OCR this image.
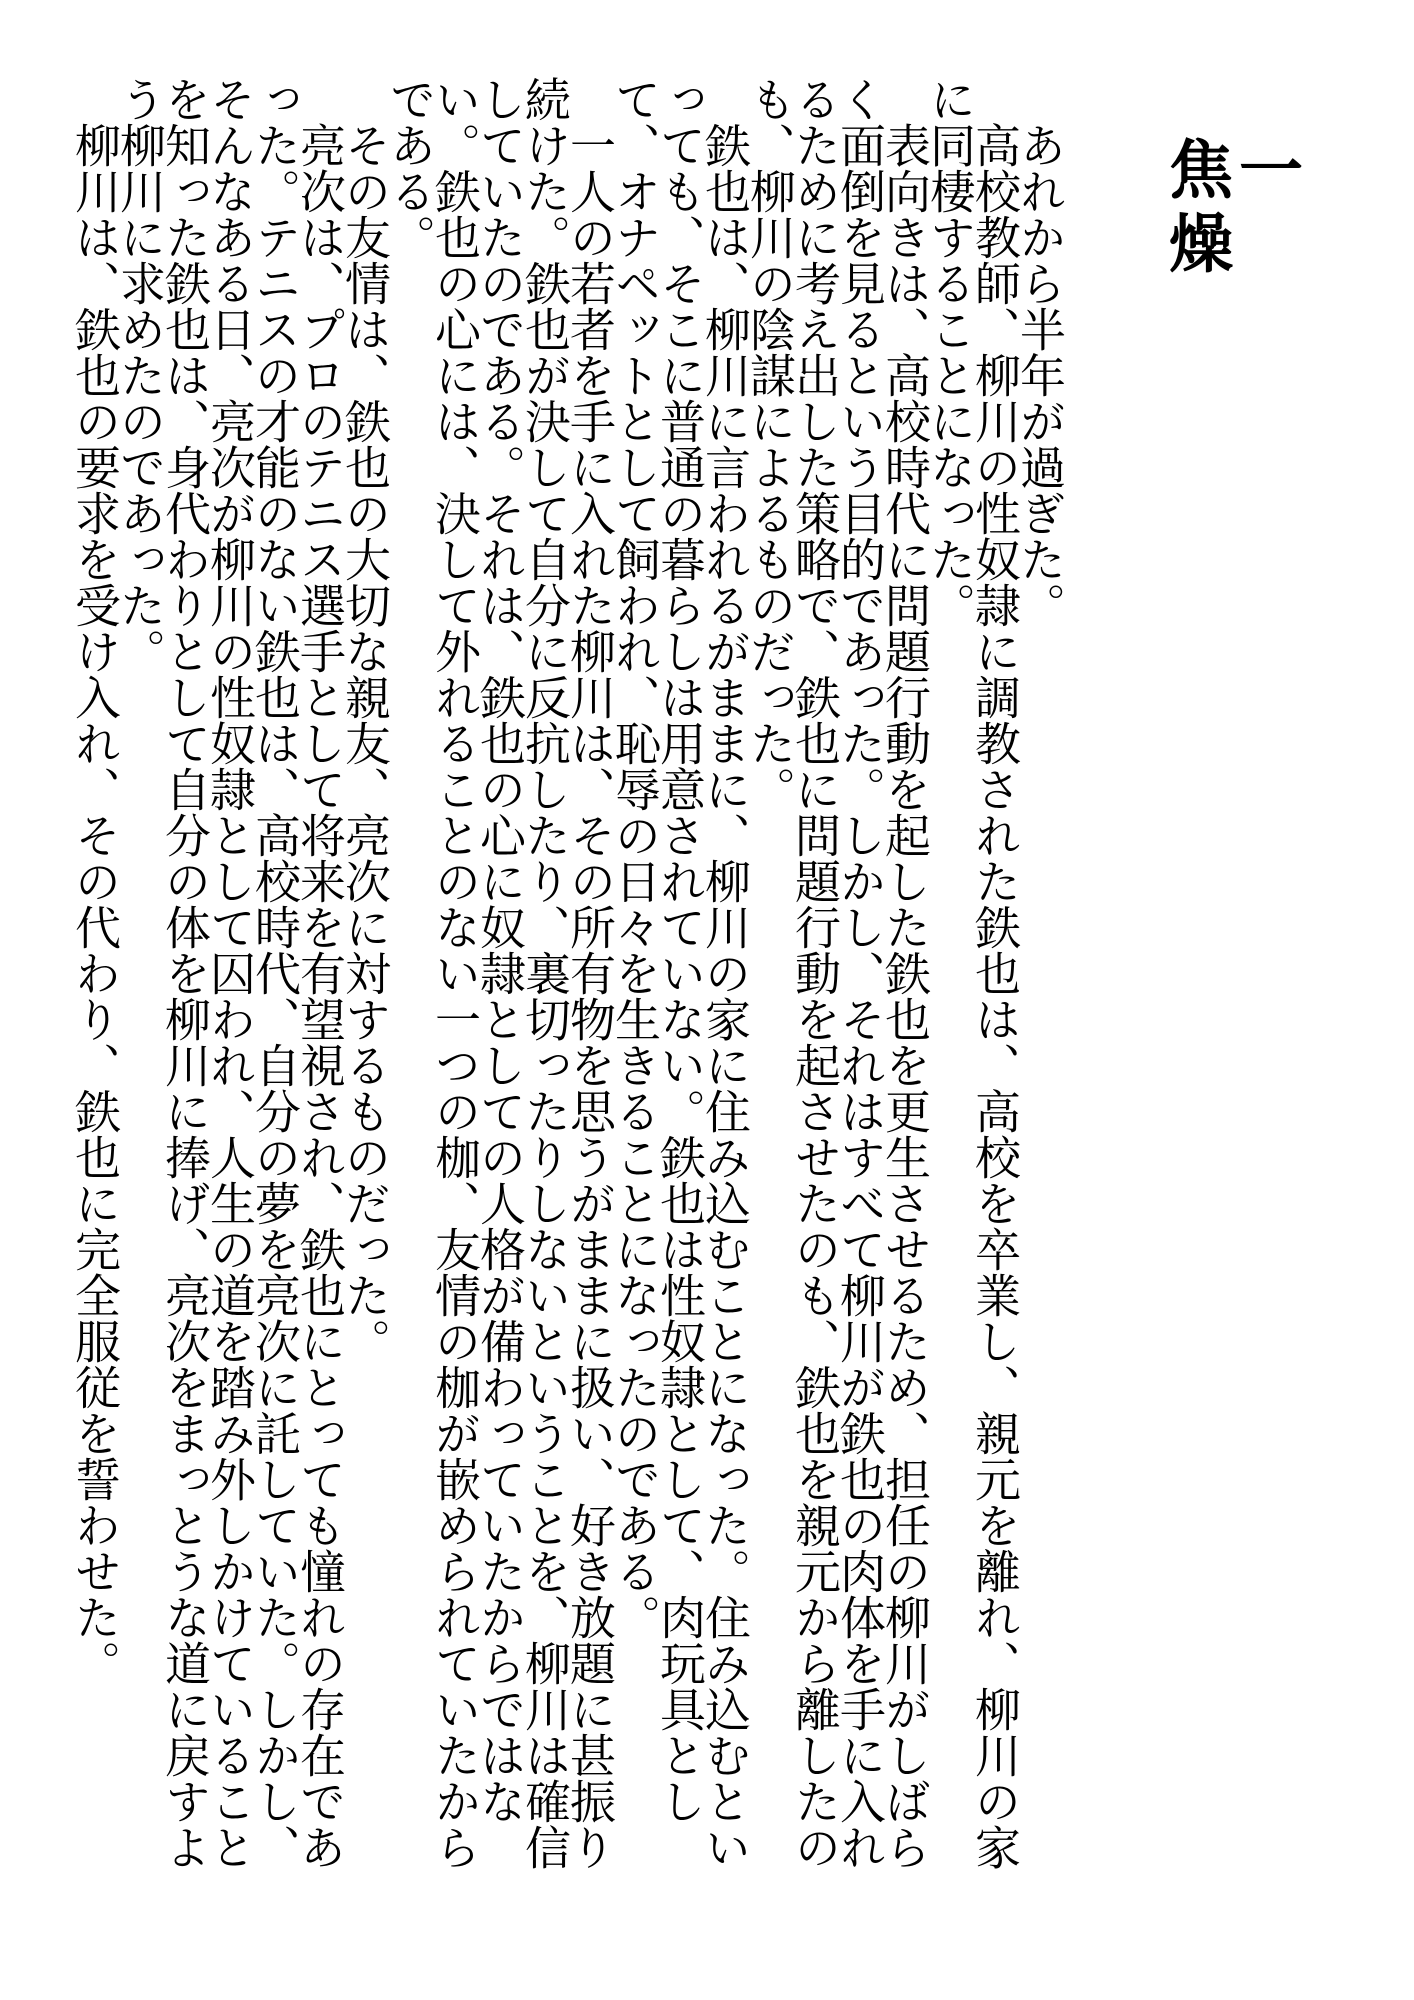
一
焦燥

あれから半年が過ぎた。

高校教師、柳川の性奴隷に調教された鉄也は、高校を卒業し、親元を離れ、柳川の家に同棲することになった。

表向きは、高校時代に問題行動を起した鉄也を更生させるため、担任の柳川がしばらく面倒を見るという目的であった。しかし、それはすべて柳川が鉄也の肉体を手に入れるために考え出した策略で、鉄也に問題行動を起させたのも、鉄也を親元から離したのも、柳川の陰謀によるものだった。

鉄也は、柳川に言われるがままに、柳川の家に住み込むことになった。住み込むといっても、そこに普通の暮らしは用意されていない。鉄也は性奴隷として、肉玩具として、オナペットとして飼われ、恥辱の日々を生きることになったのである。

一人の若者を手に入れた柳川は、その所有物を思うがままに扱い、好き放題に甚振り続けた。鉄也が決して自分に反抗したり、裏切ったりしないということを、柳川は確信していたのである。それは、鉄也の心に奴隷としての人格が備わっていたからではない。鉄也の心には、決して外れることのない一つの枷、友情の枷が嵌められていたからである。

その友情は、鉄也の大切な親友、亮次に対するものだった。

亮次は、プロのテニス選手として将来を有望視され、鉄也にとっても憧れの存在であった。テニスの才能のない鉄也は、高校時代、自分の夢を亮次に託していた。しかし、そんなある日、亮次が柳川の性奴隷として囚われ、人生の道を踏み外しかけていることを知った鉄也は、身代わりとして自分の体を柳川に捧げ、亮次をまっとうな道に戻すよう柳川に求めたのであった。

柳川は、鉄也の要求を受け入れ、その代わり、鉄也に完全服従を誓わせた。
